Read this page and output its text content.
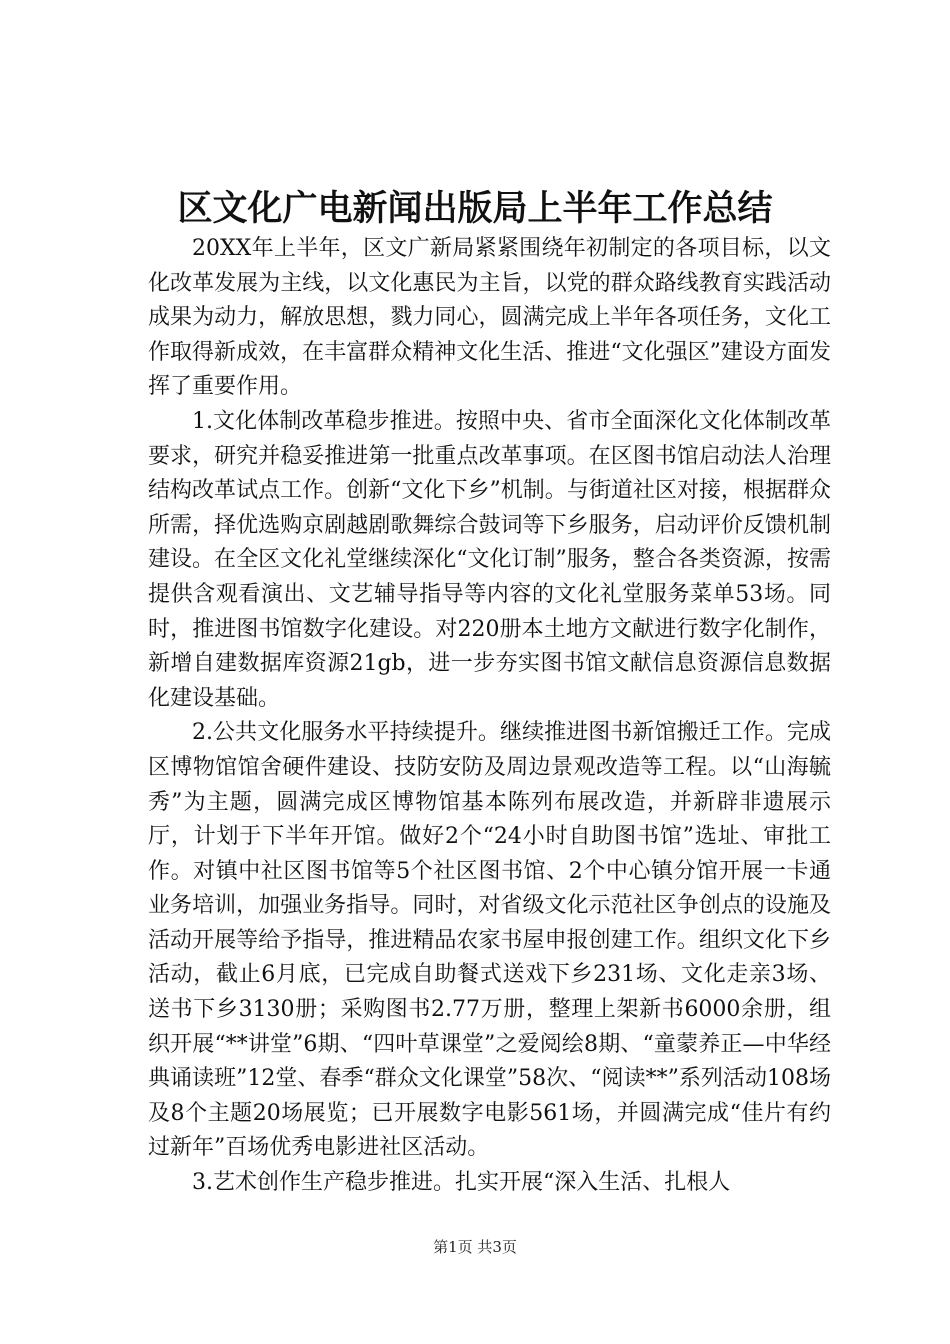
区文化广电新闻出版局上半年工作总结

20XX年上半年，区文广新局紧紧围绕年初制定的各项目标，以文化改革发展为主线，以文化惠民为主旨，以党的群众路线教育实践活动成果为动力，解放思想，戮力同心，圆满完成上半年各项任务，文化工作取得新成效，在丰富群众精神文化生活、推进“文化强区”建设方面发挥了重要作用。

1.文化体制改革稳步推进。按照中央、省市全面深化文化体制改革要求，研究并稳妥推进第一批重点改革事项。在区图书馆启动法人治理结构改革试点工作。创新“文化下乡”机制。与街道社区对接，根据群众所需，择优选购京剧越剧歌舞综合鼓词等下乡服务，启动评价反馈机制建设。在全区文化礼堂继续深化“文化订制”服务，整合各类资源，按需提供含观看演出、文艺辅导指导等内容的文化礼堂服务菜单53场。同时，推进图书馆数字化建设。对220册本土地方文献进行数字化制作，新增自建数据库资源21gb，进一步夯实图书馆文献信息资源信息数据化建设基础。

2.公共文化服务水平持续提升。继续推进图书新馆搬迁工作。完成区博物馆馆舍硬件建设、技防安防及周边景观改造等工程。以“山海毓秀”为主题，圆满完成区博物馆基本陈列布展改造，并新辟非遗展示厅，计划于下半年开馆。做好2个“24小时自助图书馆”选址、审批工作。对镇中社区图书馆等5个社区图书馆、2个中心镇分馆开展一卡通业务培训，加强业务指导。同时，对省级文化示范社区争创点的设施及活动开展等给予指导，推进精品农家书屋申报创建工作。组织文化下乡活动，截止6月底，已完成自助餐式送戏下乡231场、文化走亲3场、送书下乡3130册；采购图书2.77万册，整理上架新书6000余册，组织开展“**讲堂”6期、“四叶草课堂”之爱阅绘8期、“童蒙养正—中华经典诵读班”12堂、春季“群众文化课堂”58次、“阅读**”系列活动108场及8个主题20场展览；已开展数字电影561场，并圆满完成“佳片有约过新年”百场优秀电影进社区活动。

3.艺术创作生产稳步推进。扎实开展“深入生活、扎根人

第1页 共3页
